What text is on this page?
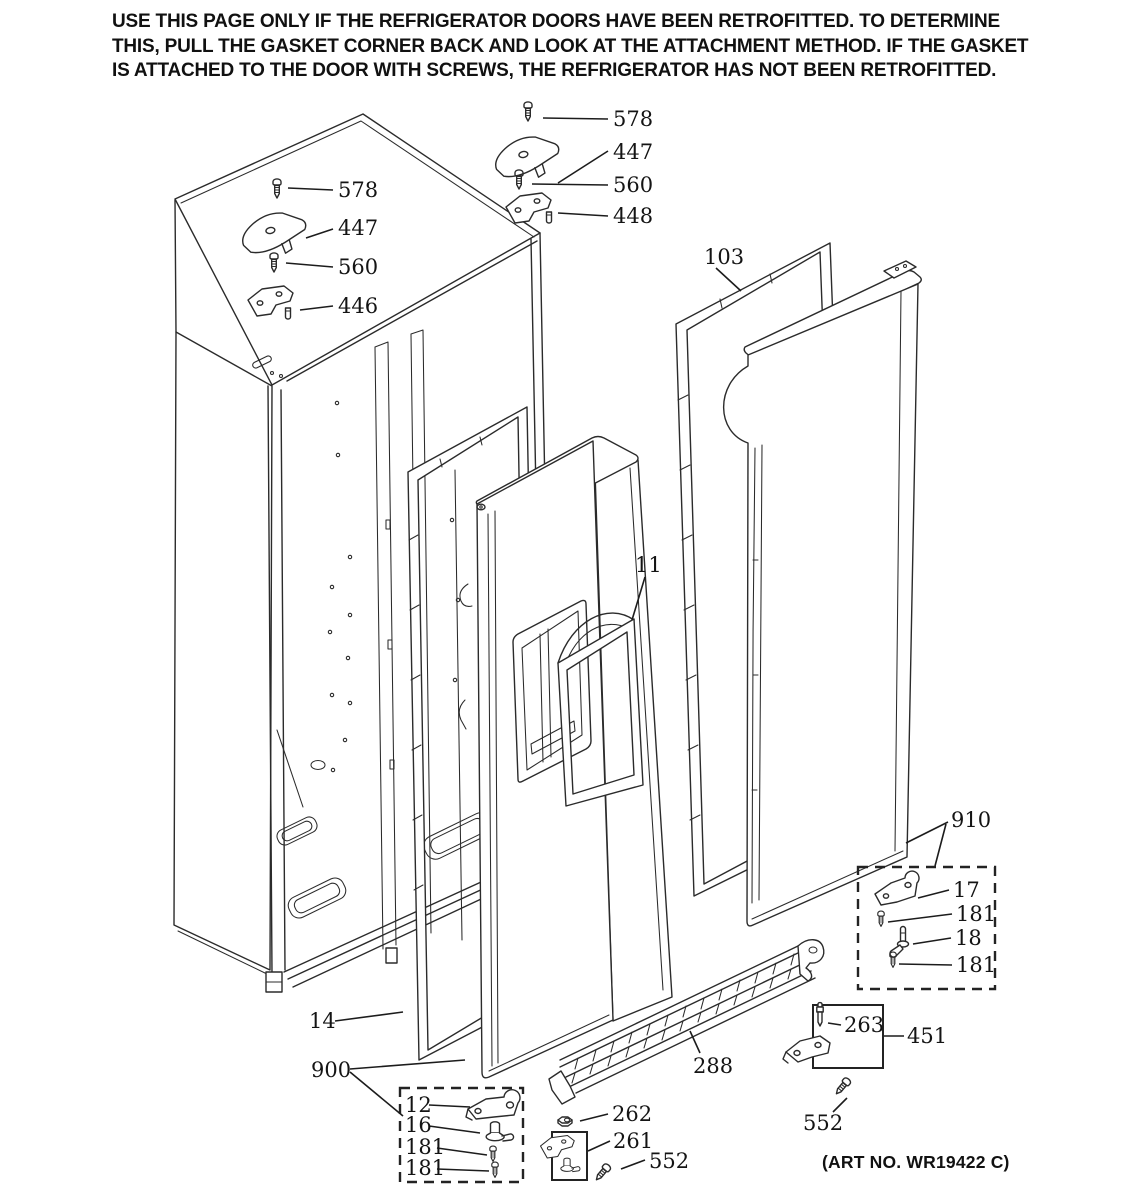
USE THIS PAGE ONLY IF THE REFRIGERATOR DOORS HAVE BEEN RETROFITTED. TO DETERMINE
THIS, PULL THE GASKET CORNER BACK AND LOOK AT THE ATTACHMENT METHOD. IF THE GASKET
IS ATTACHED TO THE DOOR WITH SCREWS, THE REFRIGERATOR HAS NOT BEEN RETROFITTED.
578
447
560
448
578
447
560
446
103
11
910
17
181
18
181
14
900
12
16
181
181
288
263 451
552
262
261
552	(ART NO. WR19422 C)
